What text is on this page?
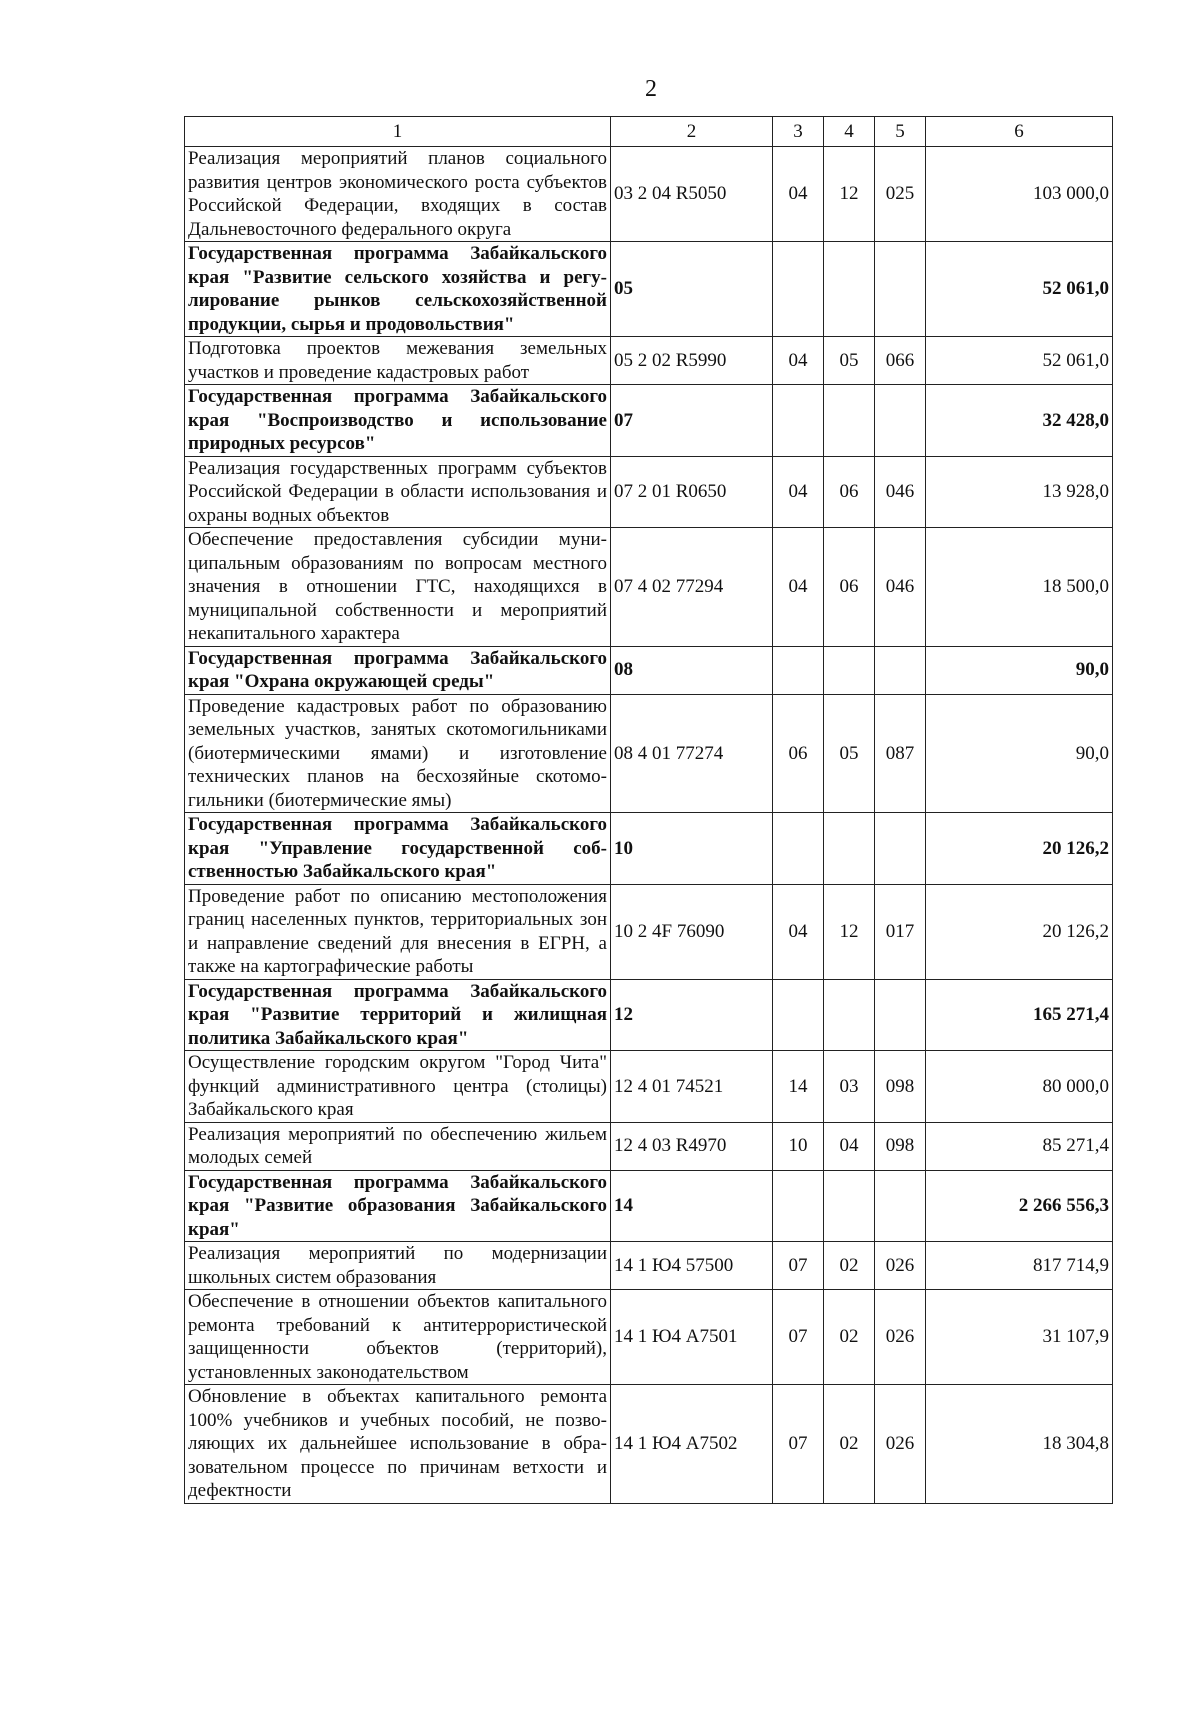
2
1	2	3	4	5	6
Реализация мероприятий планов социального развития центров экономического роста субъектов Российской Федерации, входящих в состав Дальневосточного федерального округа	03 2 04 R5050	04	12	025	103 000,0
Государственная программа Забайкальского края "Развитие сельского хозяйства и регулирование рынков сельскохозяйственной продукции, сырья и продовольствия"	05				52 061,0
Подготовка проектов межевания земельных участков и проведение кадастровых работ	05 2 02 R5990	04	05	066	52 061,0
Государственная программа Забайкальского края "Воспроизводство и использование природных ресурсов"	07				32 428,0
Реализация государственных программ субъектов Российской Федерации в области использования и охраны водных объектов	07 2 01 R0650	04	06	046	13 928,0
Обеспечение предоставления субсидии муниципальным образованиям по вопросам местного значения в отношении ГТС, находящихся в муниципальной собственности и мероприятий некапитального характера	07 4 02 77294	04	06	046	18 500,0
Государственная программа Забайкальского края "Охрана окружающей среды"	08				90,0
Проведение кадастровых работ по образованию земельных участков, занятых скотомогильниками (биотермическими ямами) и изготовление технических планов на бесхозяйные скотомогильники (биотермические ямы)	08 4 01 77274	06	05	087	90,0
Государственная программа Забайкальского края "Управление государственной собственностью Забайкальского края"	10				20 126,2
Проведение работ по описанию местоположения границ населенных пунктов, территориальных зон и направление сведений для внесения в ЕГРН, а также на картографические работы	10 2 4F 76090	04	12	017	20 126,2
Государственная программа Забайкальского края "Развитие территорий и жилищная политика Забайкальского края"	12				165 271,4
Осуществление городским округом "Город Чита" функций административного центра (столицы) Забайкальского края	12 4 01 74521	14	03	098	80 000,0
Реализация мероприятий по обеспечению жильем молодых семей	12 4 03 R4970	10	04	098	85 271,4
Государственная программа Забайкальского края "Развитие образования Забайкальского края"	14				2 266 556,3
Реализация мероприятий по модернизации школьных систем образования	14 1 Ю4 57500	07	02	026	817 714,9
Обеспечение в отношении объектов капитального ремонта требований к антитеррористической защищенности объектов (территорий), установленных законодательством	14 1 Ю4 A7501	07	02	026	31 107,9
Обновление в объектах капитального ремонта 100% учебников и учебных пособий, не позволяющих их дальнейшее использование в образовательном процессе по причинам ветхости и дефектности	14 1 Ю4 A7502	07	02	026	18 304,8
